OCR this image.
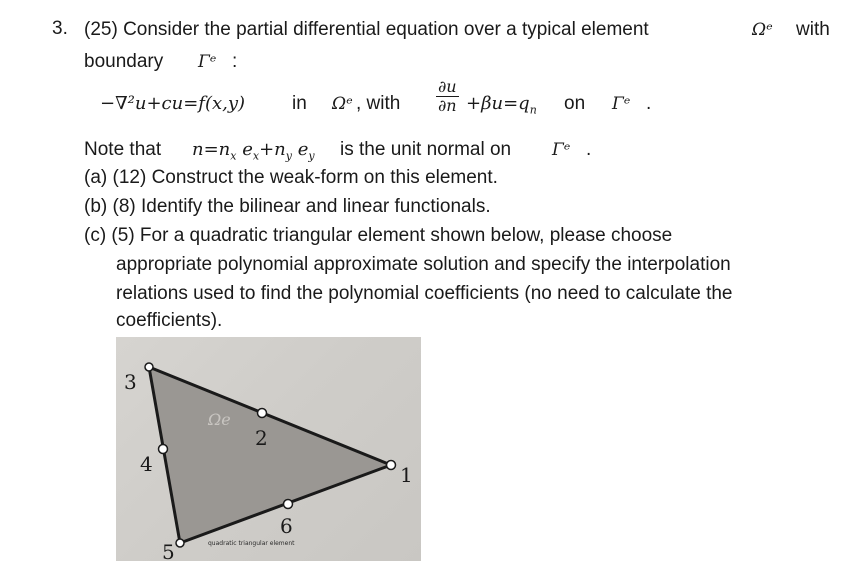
3. (25) Consider the partial differential equation over a typical element	Ωᵉ with
boundary Γᵉ :
−∇²u+cu=f(x,y) in Ωᵉ , with $\frac{\partial u}{\partial n} +\beta u=q_n$ on Γᵉ .
Note that $n=n_x$ $e_x+n_y$ $e_y$ is the unit normal on Γᵉ .
(a) (12) Construct the weak-form on this element.
(b) (8) Identify the bilinear and linear functionals.
(c) (5) For a quadratic triangular element shown below, please choose
appropriate polynomial approximate solution and specify the interpolation
relations used to find the polynomial coefficients (no need to calculate the
coefficients).
Ωe
1
2
3
4
5
6
quadratic triangular element
